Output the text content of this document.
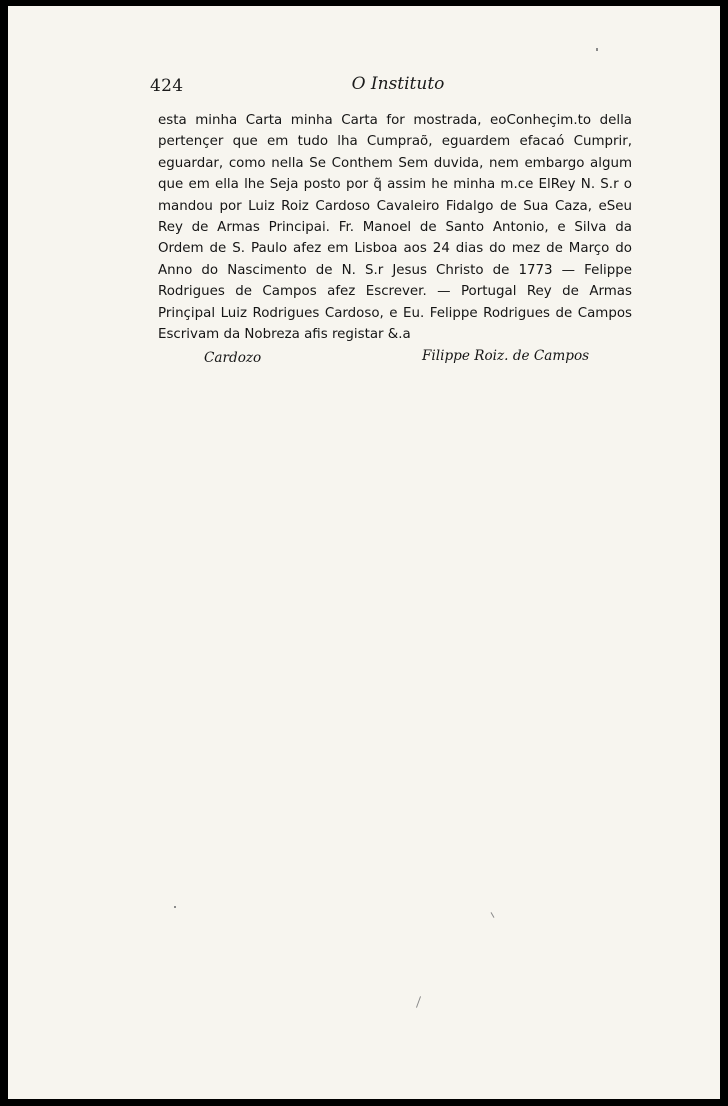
424	O Instituto

esta minha Carta minha Carta for mostrada, eoConheçim.to della pertençer que em tudo lha Cumpraõ, eguardem efacaó Cumprir, eguardar, como nella Se Conthem Sem duvida, nem embargo algum que em ella lhe Seja posto por q̃ assim he minha m.ce ElRey N. S.r o mandou por Luiz Roiz Cardoso Cavaleiro Fidalgo de Sua Caza, eSeu Rey de Armas Principai. Fr. Manoel de Santo Antonio, e Silva da Ordem de S. Paulo afez em Lisboa aos 24 dias do mez de Março do Anno do Nascimento de N. S.r Jesus Christo de 1773 — Felippe Rodrigues de Campos afez Escrever. — Portugal Rey de Armas Prinçipal Luiz Rodrigues Cardoso, e Eu. Felippe Rodrigues de Campos Escrivam da Nobreza afis registar &.a

Cardozo	Filippe Roiz. de Campos
